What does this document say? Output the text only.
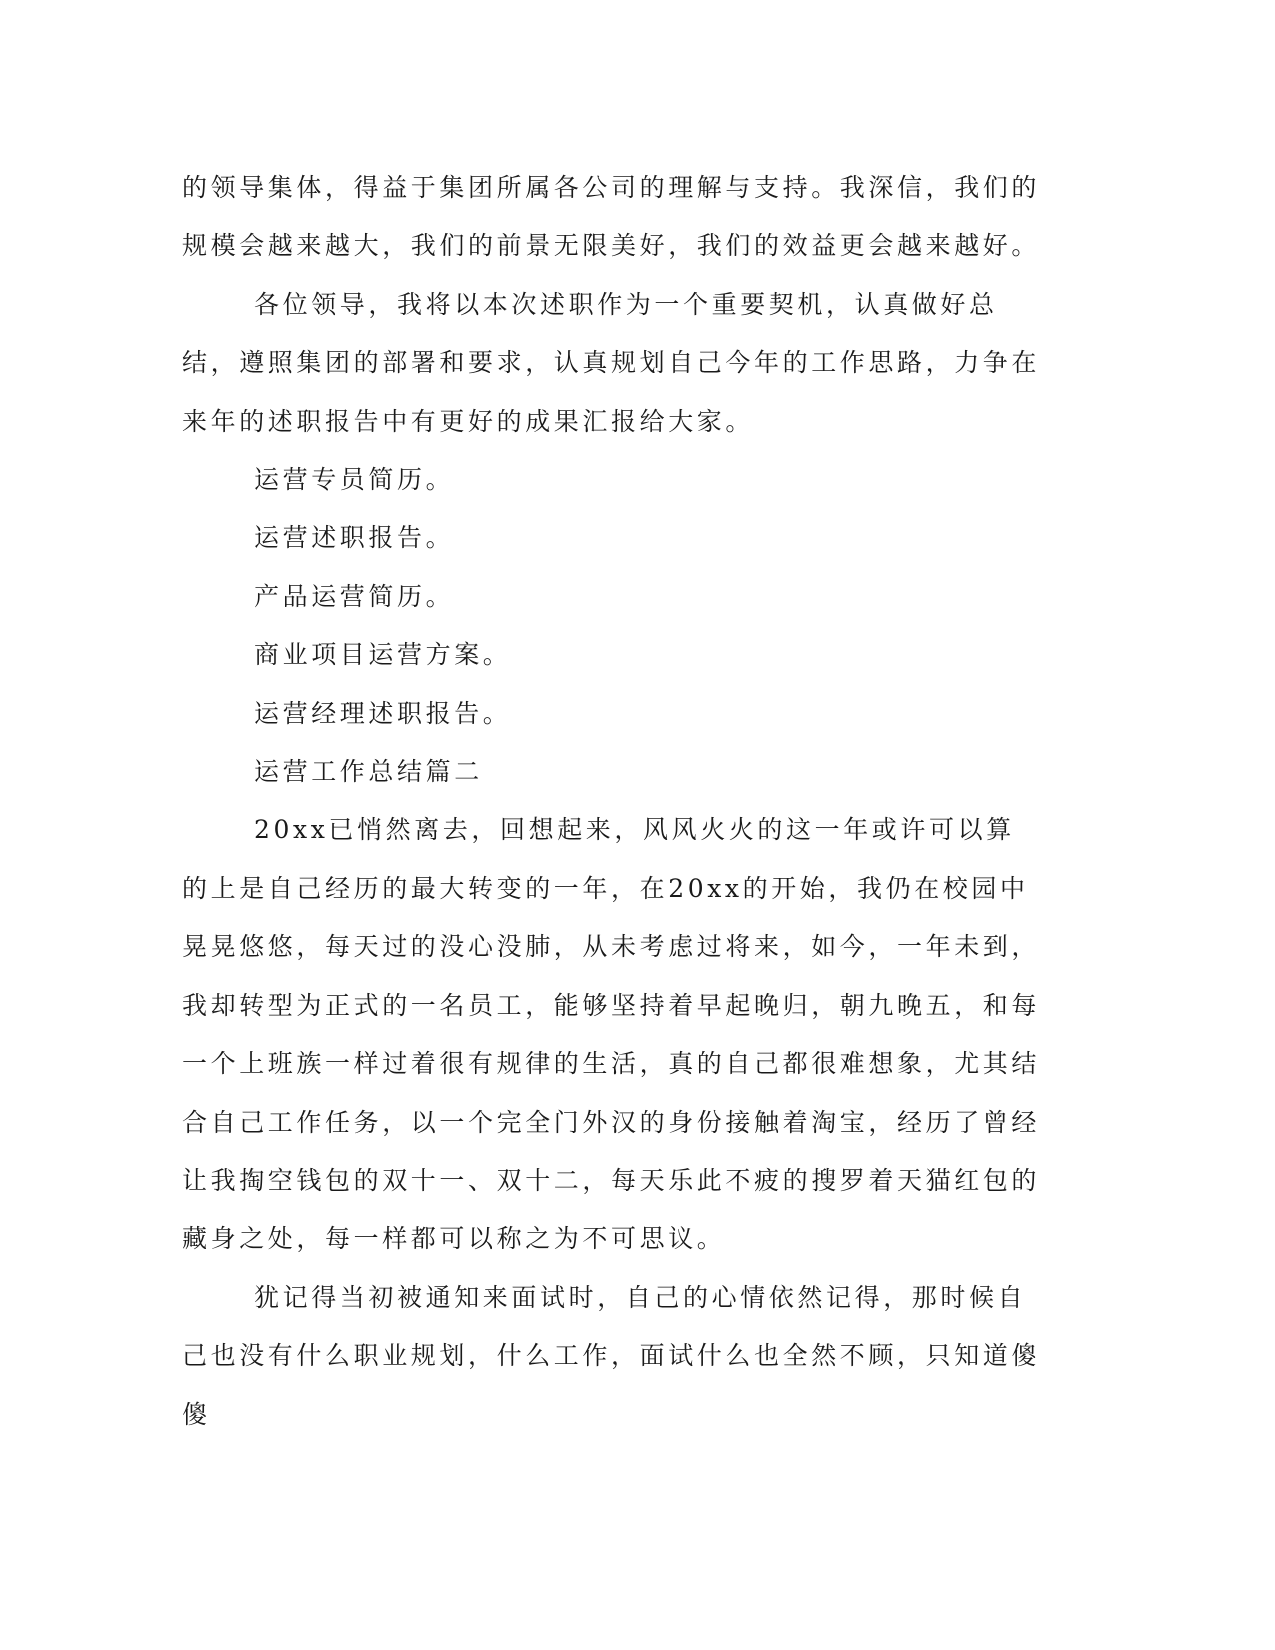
的领导集体，得益于集团所属各公司的理解与支持。我深信，我们的规模会越来越大，我们的前景无限美好，我们的效益更会越来越好。

各位领导，我将以本次述职作为一个重要契机，认真做好总结，遵照集团的部署和要求，认真规划自己今年的工作思路，力争在来年的述职报告中有更好的成果汇报给大家。

运营专员简历。

运营述职报告。

产品运营简历。

商业项目运营方案。

运营经理述职报告。

运营工作总结篇二

20xx已悄然离去，回想起来，风风火火的这一年或许可以算的上是自己经历的最大转变的一年，在20xx的开始，我仍在校园中晃晃悠悠，每天过的没心没肺，从未考虑过将来，如今，一年未到，我却转型为正式的一名员工，能够坚持着早起晚归，朝九晚五，和每一个上班族一样过着很有规律的生活，真的自己都很难想象，尤其结合自己工作任务，以一个完全门外汉的身份接触着淘宝，经历了曾经让我掏空钱包的双十一、双十二，每天乐此不疲的搜罗着天猫红包的藏身之处，每一样都可以称之为不可思议。

犹记得当初被通知来面试时，自己的心情依然记得，那时候自己也没有什么职业规划，什么工作，面试什么也全然不顾，只知道傻傻
